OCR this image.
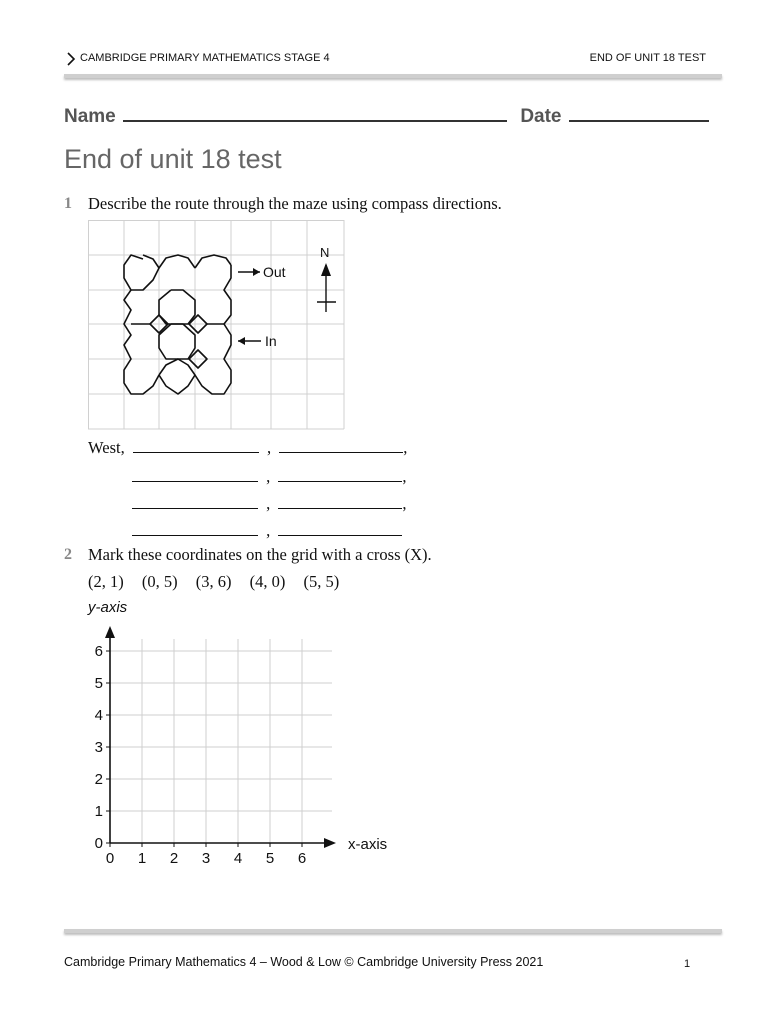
CAMBRIDGE PRIMARY MATHEMATICS STAGE 4	END OF UNIT 18 TEST
Name	Date
End of unit 18 test
1 Describe the route through the maze using compass directions.
Out
In
N
West,	,	,
,	,
,	,
,
2 Mark these coordinates on the grid with a cross (X).
(2, 1) (0, 5) (3, 6) (4, 0) (5, 5)
0 1 2 3 4 5 6
0
1
2
3
4
5
6
y-axis
x-axis
Cambridge Primary Mathematics 4 – Wood & Low © Cambridge University Press 2021	1
